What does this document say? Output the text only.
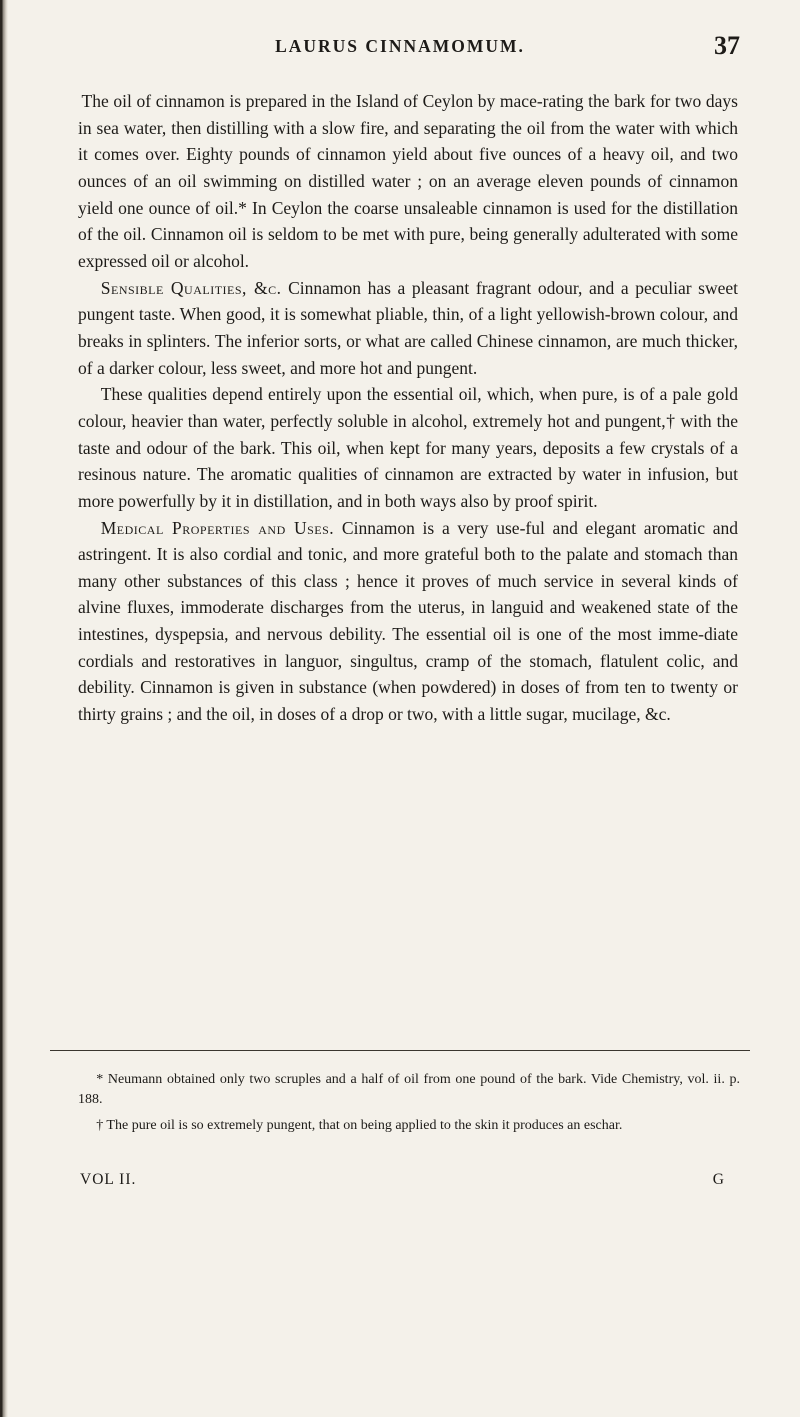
LAURUS CINNAMOMUM.	37

The oil of cinnamon is prepared in the Island of Ceylon by mace-rating the bark for two days in sea water, then distilling with a slow fire, and separating the oil from the water with which it comes over. Eighty pounds of cinnamon yield about five ounces of a heavy oil, and two ounces of an oil swimming on distilled water ; on an average eleven pounds of cinnamon yield one ounce of oil.* In Ceylon the coarse unsaleable cinnamon is used for the distillation of the oil. Cinnamon oil is seldom to be met with pure, being generally adulterated with some expressed oil or alcohol.

Sensible Qualities, &c. Cinnamon has a pleasant fragrant odour, and a peculiar sweet pungent taste. When good, it is somewhat pliable, thin, of a light yellowish-brown colour, and breaks in splinters. The inferior sorts, or what are called Chinese cinnamon, are much thicker, of a darker colour, less sweet, and more hot and pungent.

These qualities depend entirely upon the essential oil, which, when pure, is of a pale gold colour, heavier than water, perfectly soluble in alcohol, extremely hot and pungent,† with the taste and odour of the bark. This oil, when kept for many years, deposits a few crystals of a resinous nature. The aromatic qualities of cinnamon are extracted by water in infusion, but more powerfully by it in distillation, and in both ways also by proof spirit.

Medical Properties and Uses. Cinnamon is a very use-ful and elegant aromatic and astringent. It is also cordial and tonic, and more grateful both to the palate and stomach than many other substances of this class ; hence it proves of much service in several kinds of alvine fluxes, immoderate discharges from the uterus, in languid and weakened state of the intestines, dyspepsia, and nervous debility. The essential oil is one of the most imme-diate cordials and restoratives in languor, singultus, cramp of the stomach, flatulent colic, and debility. Cinnamon is given in substance (when powdered) in doses of from ten to twenty or thirty grains ; and the oil, in doses of a drop or two, with a little sugar, mucilage, &c.

* Neumann obtained only two scruples and a half of oil from one pound of the bark. Vide Chemistry, vol. ii. p. 188.

† The pure oil is so extremely pungent, that on being applied to the skin it produces an eschar.

VOL II.	G
